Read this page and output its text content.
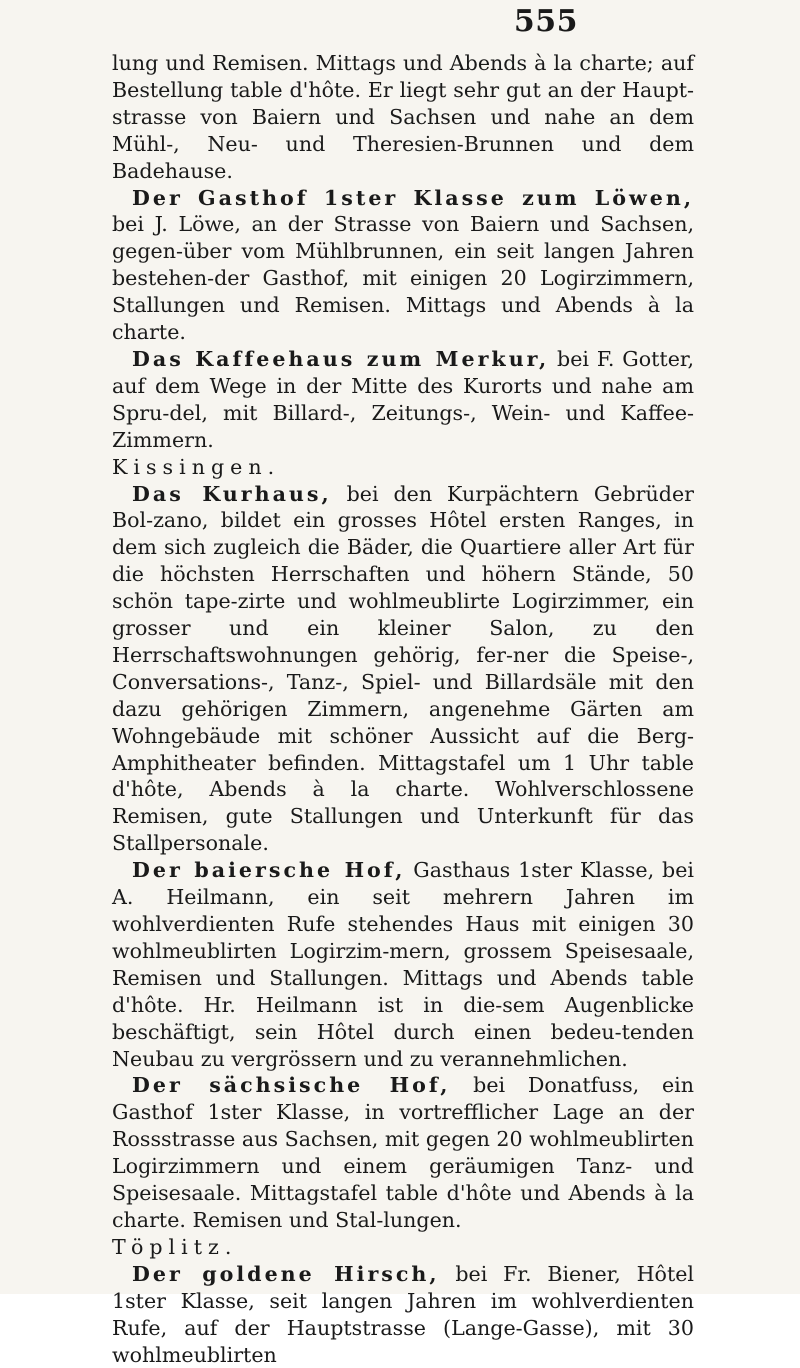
555

lung und Remisen. Mittags und Abends à la charte; auf Bestellung table d'hôte. Er liegt sehr gut an der Haupt-strasse von Baiern und Sachsen und nahe an dem Mühl-, Neu- und Theresien-Brunnen und dem Badehause.

Der Gasthof 1ster Klasse zum Löwen, bei J. Löwe, an der Strasse von Baiern und Sachsen, gegen-über vom Mühlbrunnen, ein seit langen Jahren bestehen-der Gasthof, mit einigen 20 Logirzimmern, Stallungen und Remisen. Mittags und Abends à la charte.

Das Kaffeehaus zum Merkur, bei F. Gotter, auf dem Wege in der Mitte des Kurorts und nahe am Spru-del, mit Billard-, Zeitungs-, Wein- und Kaffee-Zimmern.

Kissingen.

Das Kurhaus, bei den Kurpächtern Gebrüder Bol-zano, bildet ein grosses Hôtel ersten Ranges, in dem sich zugleich die Bäder, die Quartiere aller Art für die höchsten Herrschaften und höhern Stände, 50 schön tape-zirte und wohlmeublirte Logirzimmer, ein grosser und ein kleiner Salon, zu den Herrschaftswohnungen gehörig, fer-ner die Speise-, Conversations-, Tanz-, Spiel- und Billardsäle mit den dazu gehörigen Zimmern, angenehme Gärten am Wohngebäude mit schöner Aussicht auf die Berg-Amphitheater befinden. Mittagstafel um 1 Uhr table d'hôte, Abends à la charte. Wohlverschlossene Remisen, gute Stallungen und Unterkunft für das Stallpersonale.

Der baiersche Hof, Gasthaus 1ster Klasse, bei A. Heilmann, ein seit mehrern Jahren im wohlverdienten Rufe stehendes Haus mit einigen 30 wohlmeublirten Logirzim-mern, grossem Speisesaale, Remisen und Stallungen. Mittags und Abends table d'hôte. Hr. Heilmann ist in die-sem Augenblicke beschäftigt, sein Hôtel durch einen bedeu-tenden Neubau zu vergrössern und zu verannehmlichen.

Der sächsische Hof, bei Donatfuss, ein Gasthof 1ster Klasse, in vortrefflicher Lage an der Rossstrasse aus Sachsen, mit gegen 20 wohlmeublirten Logirzimmern und einem geräumigen Tanz- und Speisesaale. Mittagstafel table d'hôte und Abends à la charte. Remisen und Stal-lungen.

Töplitz.

Der goldene Hirsch, bei Fr. Biener, Hôtel 1ster Klasse, seit langen Jahren im wohlverdienten Rufe, auf der Hauptstrasse (Lange-Gasse), mit 30 wohlmeublirten
